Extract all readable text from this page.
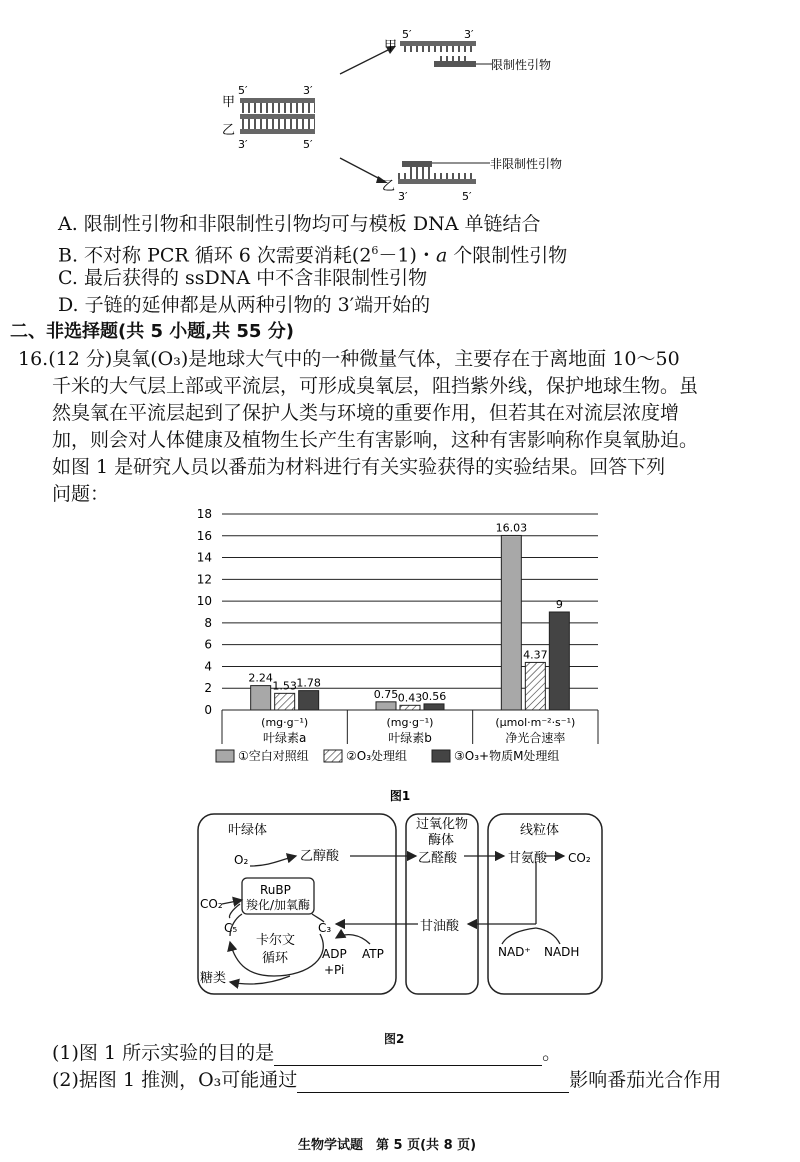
甲
乙
5′	3′
3′	5′
甲
5′	3′
限制性引物
非限制性引物
乙
3′	5′
A. 限制性引物和非限制性引物均可与模板 DNA 单链结合
B. 不对称 PCR 循环 6 次需要消耗$(2^6-1)$・a 个限制性引物
C. 最后获得的 ssDNA 中不含非限制性引物
D. 子链的延伸都是从两种引物的 3′端开始的
二、非选择题(共 5 小题,共 55 分)
16.(12 分)臭氧(O₃)是地球大气中的一种微量气体，主要存在于离地面 10～50
千米的大气层上部或平流层，可形成臭氧层，阻挡紫外线，保护地球生物。虽
然臭氧在平流层起到了保护人类与环境的重要作用，但若其在对流层浓度增
加，则会对人体健康及植物生长产生有害影响，这种有害影响称作臭氧胁迫。
如图 1 是研究人员以番茄为材料进行有关实验获得的实验结果。回答下列
问题：
0
2
4
6
8
10
12
14
16
18
2.24
1.53 1.78
(mg·g⁻¹)
叶绿素a
0.75 0.43 0.56
(mg·g⁻¹)
叶绿素b
16.03
4.37
9
(μmol·m⁻²·s⁻¹)
净光合速率
①空白对照组	②O₃处理组	③O₃+物质M处理组
图1
叶绿体	过氧化物
酶体
线粒体
O₂	乙醇酸
CO₂
RuBP
羧化/加氧酶
C₅	C₃
卡尔文
循环
糖类
ADP
+Pi
ATP
乙醛酸	甘氨酸 CO₂
甘油酸
NAD⁺ NADH
图2
(1)图 1 所示实验的目的是	。
(2)据图 1 推测，O₃可能通过	影响番茄光合作用
生物学试题　第 5 页(共 8 页)
